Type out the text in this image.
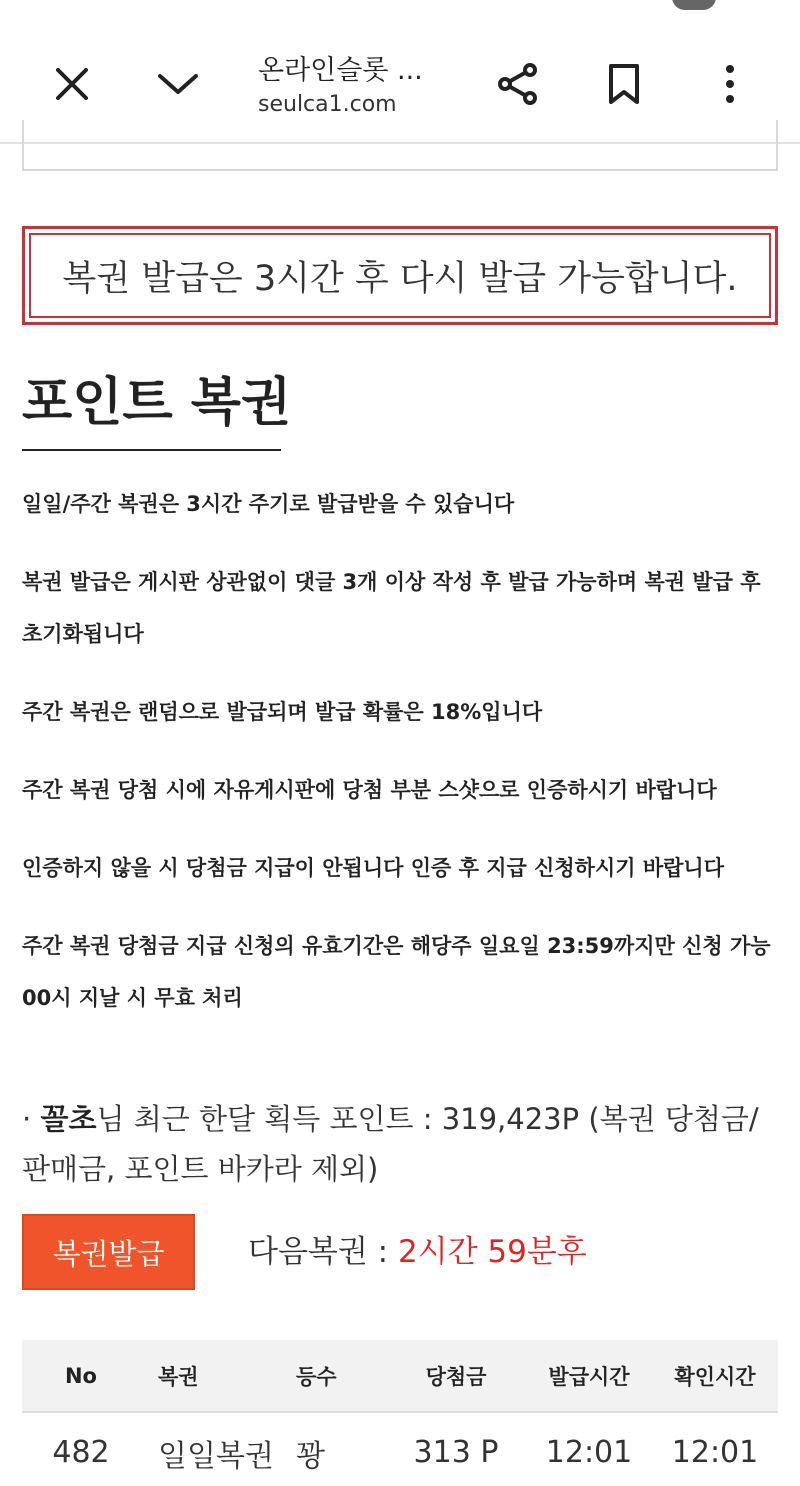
온라인슬롯 ...
seulca1.com
복권 발급은 3시간 후 다시 발급 가능합니다.
포인트 복권

일일/주간 복권은 3시간 주기로 발급받을 수 있습니다

복권 발급은 게시판 상관없이 댓글 3개 이상 작성 후 발급 가능하며 복권 발급 후 초기화됩니다

주간 복권은 랜덤으로 발급되며 발급 확률은 18%입니다

주간 복권 당첨 시에 자유게시판에 당첨 부분 스샷으로 인증하시기 바랍니다

인증하지 않을 시 당첨금 지급이 안됩니다 인증 후 지급 신청하시기 바랍니다

주간 복권 당첨금 지급 신청의 유효기간은 해당주 일요일 23:59까지만 신청 가능 00시 지날 시 무효 처리

· 꼴초님 최근 한달 획득 포인트 : 319,423P (복권 당첨금/판매금, 포인트 바카라 제외)
복권발급	다음복권 : 2시간 59분후
No	복권	등수	당첨금	발급시간	확인시간
482	일일복권	꽝	313 P	12:01	12:01
